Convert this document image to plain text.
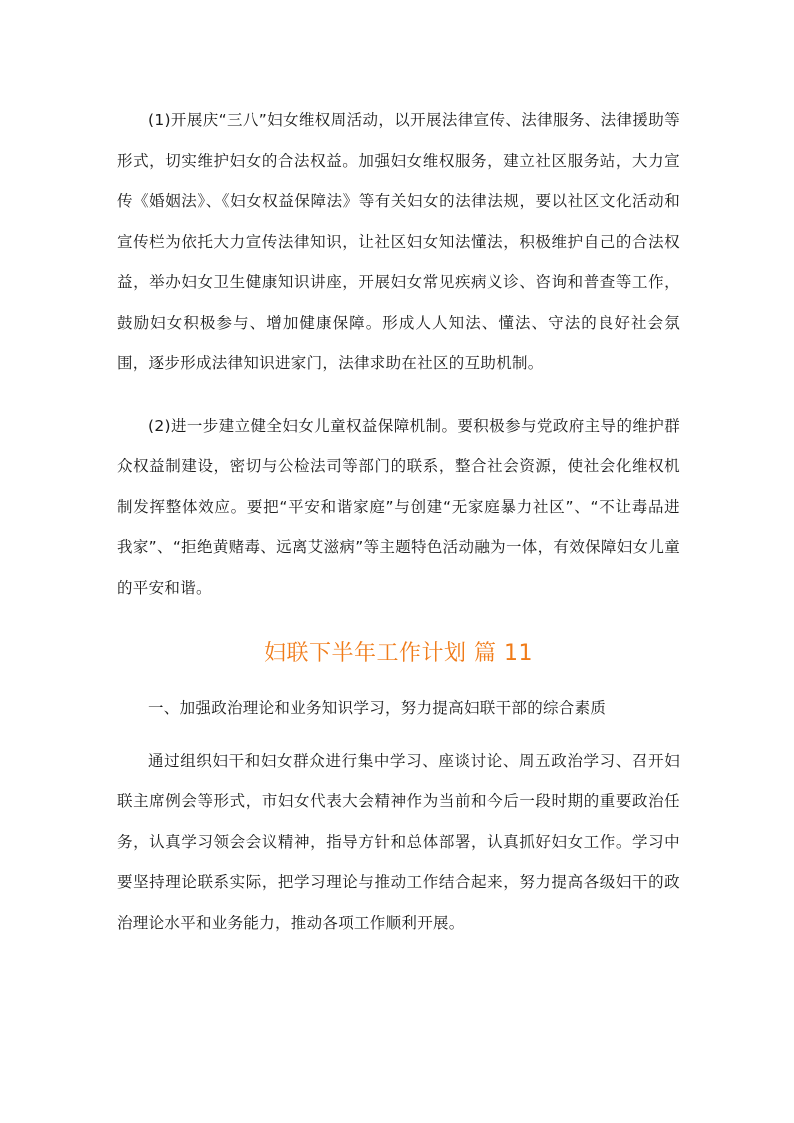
(1)开展庆“三八”妇女维权周活动，以开展法律宣传、法律服务、法律援助等形式，切实维护妇女的合法权益。加强妇女维权服务，建立社区服务站，大力宣传《婚姻法》、《妇女权益保障法》等有关妇女的法律法规，要以社区文化活动和宣传栏为依托大力宣传法律知识，让社区妇女知法懂法，积极维护自己的合法权益，举办妇女卫生健康知识讲座，开展妇女常见疾病义诊、咨询和普查等工作，鼓励妇女积极参与、增加健康保障。形成人人知法、懂法、守法的良好社会氛围，逐步形成法律知识进家门，法律求助在社区的互助机制。

(2)进一步建立健全妇女儿童权益保障机制。要积极参与党政府主导的维护群众权益制建设，密切与公检法司等部门的联系，整合社会资源，使社会化维权机制发挥整体效应。要把“平安和谐家庭”与创建“无家庭暴力社区”、“不让毒品进我家”、“拒绝黄赌毒、远离艾滋病”等主题特色活动融为一体，有效保障妇女儿童的平安和谐。

妇联下半年工作计划 篇 11

一、加强政治理论和业务知识学习，努力提高妇联干部的综合素质

通过组织妇干和妇女群众进行集中学习、座谈讨论、周五政治学习、召开妇联主席例会等形式，市妇女代表大会精神作为当前和今后一段时期的重要政治任务，认真学习领会会议精神，指导方针和总体部署，认真抓好妇女工作。学习中要坚持理论联系实际，把学习理论与推动工作结合起来，努力提高各级妇干的政治理论水平和业务能力，推动各项工作顺利开展。
